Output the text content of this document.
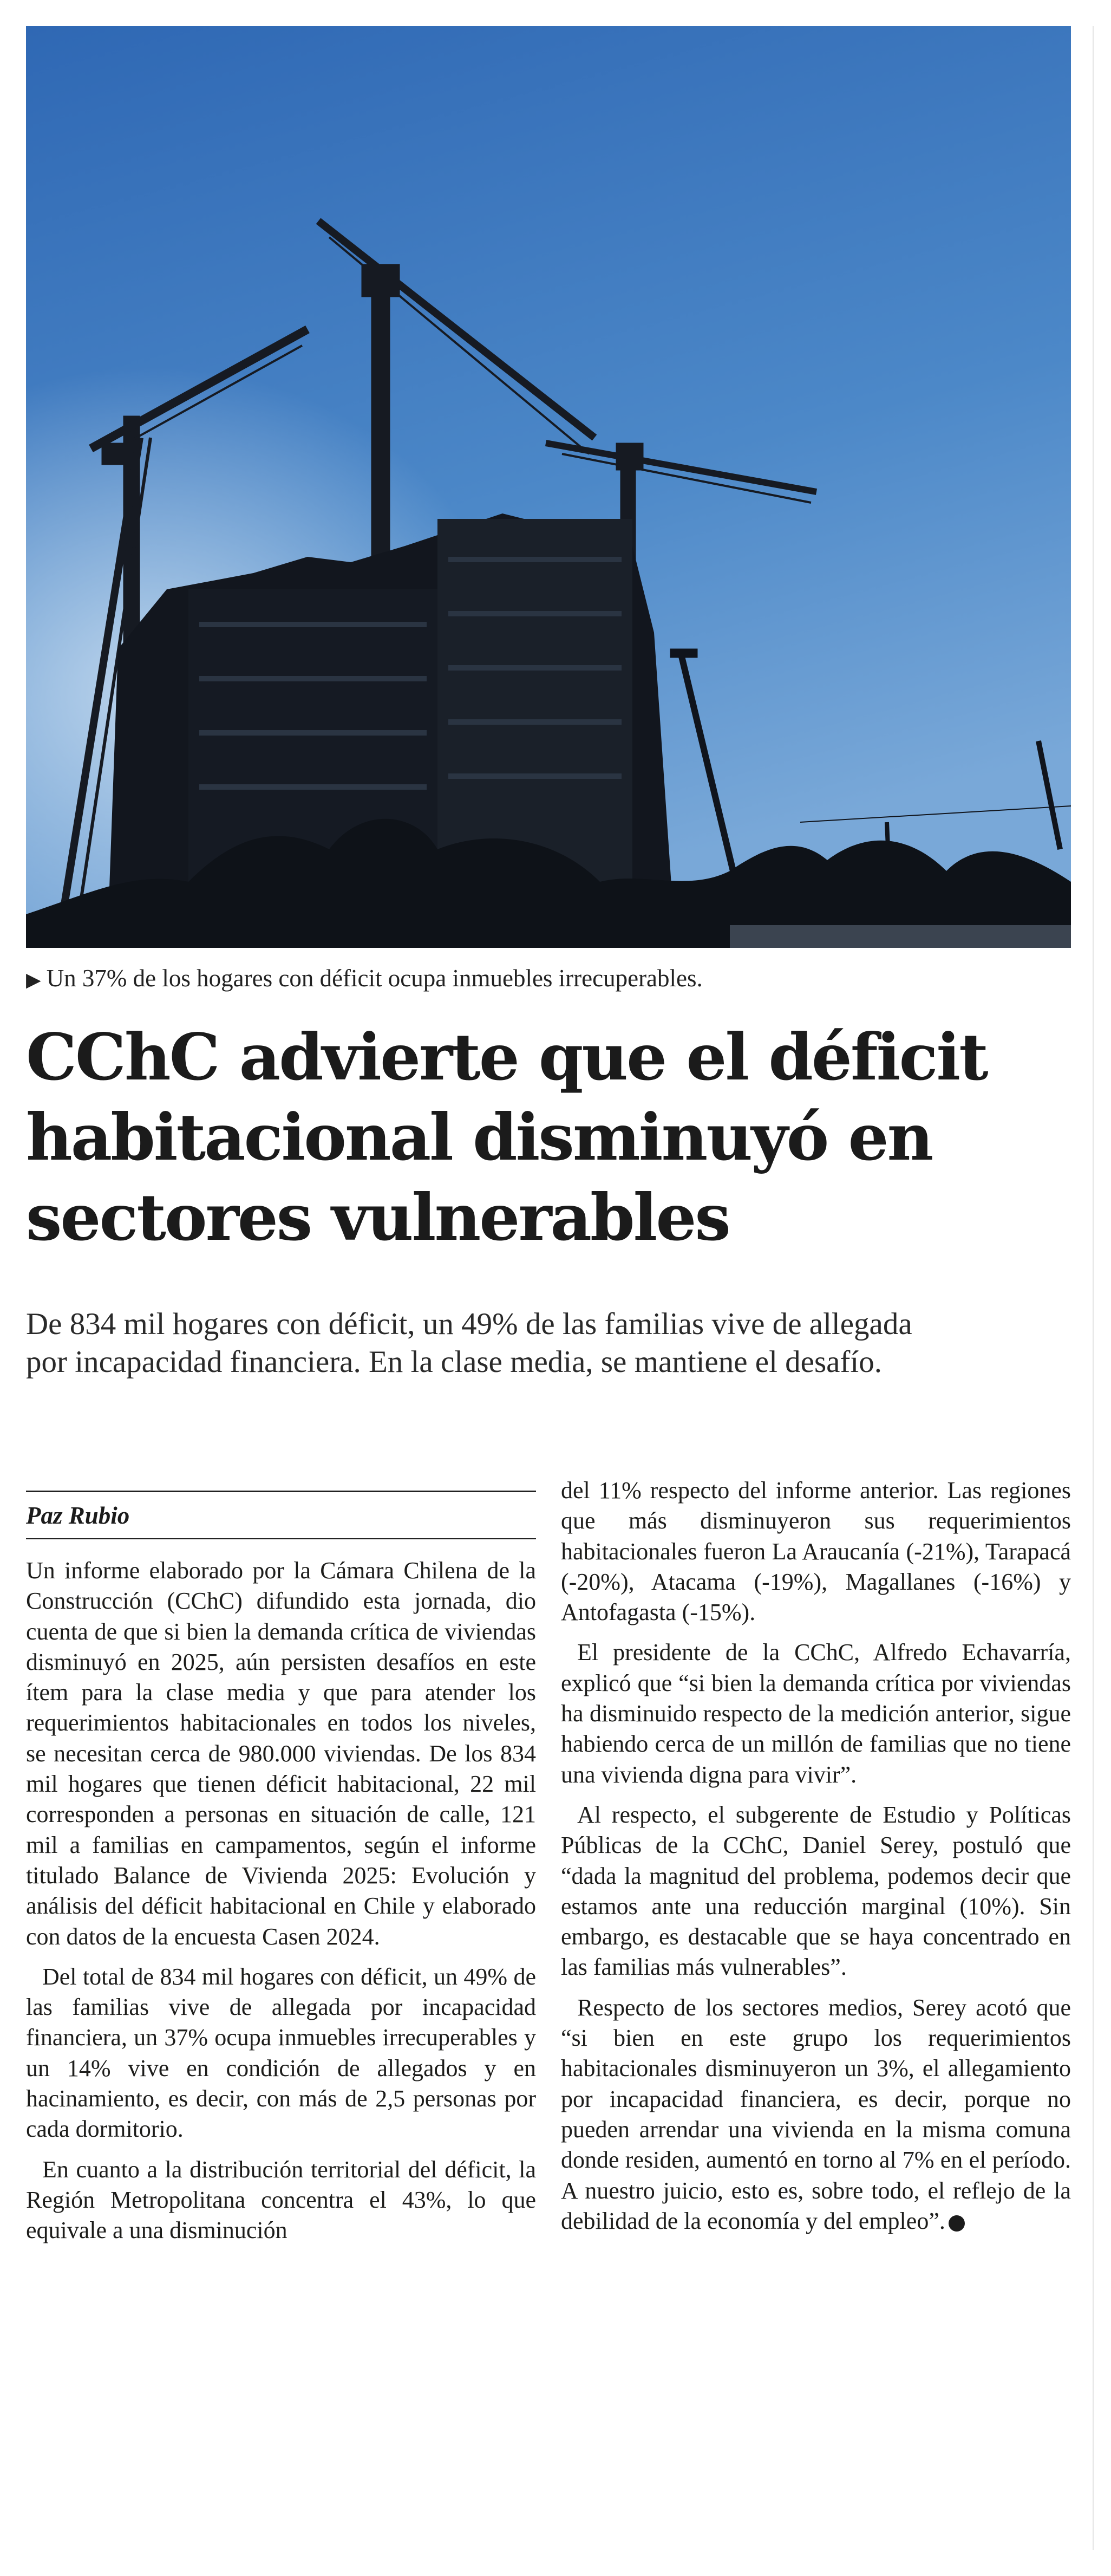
▶ Un 37% de los hogares con déficit ocupa inmuebles irrecuperables.
CChC advierte que el déficit
habitacional disminuyó en
sectores vulnerables

De 834 mil hogares con déficit, un 49% de las familias vive de allegada
por incapacidad financiera. En la clase media, se mantiene el desafío.

Paz Rubio

Un informe elaborado por la Cámara Chilena de la Construcción (CChC) difundido esta jornada, dio cuenta de que si bien la demanda crítica de viviendas disminuyó en 2025, aún persisten desafíos en este ítem para la clase media y que para atender los requerimientos habitacionales en todos los niveles, se necesitan cerca de 980.000 viviendas. De los 834 mil hogares que tienen déficit habitacional, 22 mil corresponden a personas en situación de calle, 121 mil a familias en campamentos, según el informe titulado Balance de Vivienda 2025: Evolución y análisis del déficit habitacional en Chile y elaborado con datos de la encuesta Casen 2024.

Del total de 834 mil hogares con déficit, un 49% de las familias vive de allegada por incapacidad financiera, un 37% ocupa inmuebles irrecuperables y un 14% vive en condición de allegados y en hacinamiento, es decir, con más de 2,5 personas por cada dormitorio.

En cuanto a la distribución territorial del déficit, la Región Metropolitana concentra el 43%, lo que equivale a una disminución

del 11% respecto del informe anterior. Las regiones que más disminuyeron sus requerimientos habitacionales fueron La Araucanía (-21%), Tarapacá (-20%), Atacama (-19%), Magallanes (-16%) y Antofagasta (-15%).

El presidente de la CChC, Alfredo Echavarría, explicó que “si bien la demanda crítica por viviendas ha disminuido respecto de la medición anterior, sigue habiendo cerca de un millón de familias que no tiene una vivienda digna para vivir”.

Al respecto, el subgerente de Estudio y Políticas Públicas de la CChC, Daniel Serey, postuló que “dada la magnitud del problema, podemos decir que estamos ante una reducción marginal (10%). Sin embargo, es destacable que se haya concentrado en las familias más vulnerables”.

Respecto de los sectores medios, Serey acotó que “si bien en este grupo los requerimientos habitacionales disminuyeron un 3%, el allegamiento por incapacidad financiera, es decir, porque no pueden arrendar una vivienda en la misma comuna donde residen, aumentó en torno al 7% en el período. A nuestro juicio, esto es, sobre todo, el reflejo de la debilidad de la economía y del empleo”.
